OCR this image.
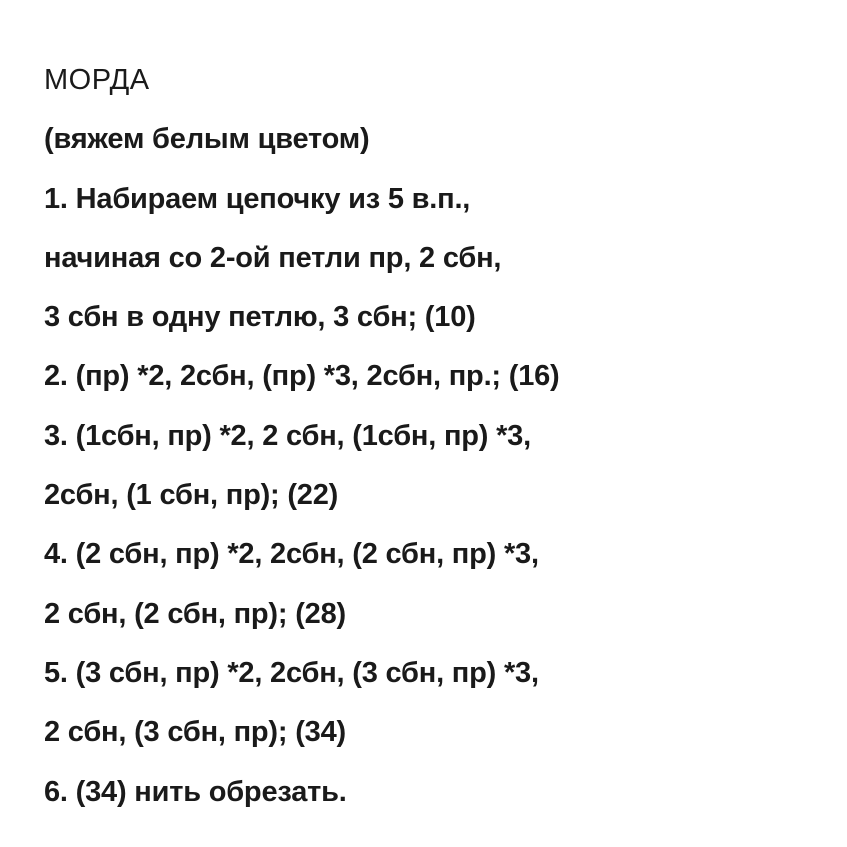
МОРДА
(вяжем белым цветом)
1. Набираем цепочку из 5 в.п.,
начиная со 2-ой петли пр, 2 сбн,
3 сбн в одну петлю, 3 сбн; (10)
2. (пр) *2, 2сбн, (пр) *3, 2сбн, пр.; (16)
3. (1сбн, пр) *2, 2 сбн, (1сбн, пр) *3,
2сбн, (1 сбн, пр); (22)
4. (2 сбн, пр) *2, 2сбн, (2 сбн, пр) *3,
2 сбн, (2 сбн, пр); (28)
5. (3 сбн, пр) *2, 2сбн, (3 сбн, пр) *3,
2 сбн, (3 сбн, пр); (34)
6. (34) нить обрезать.
